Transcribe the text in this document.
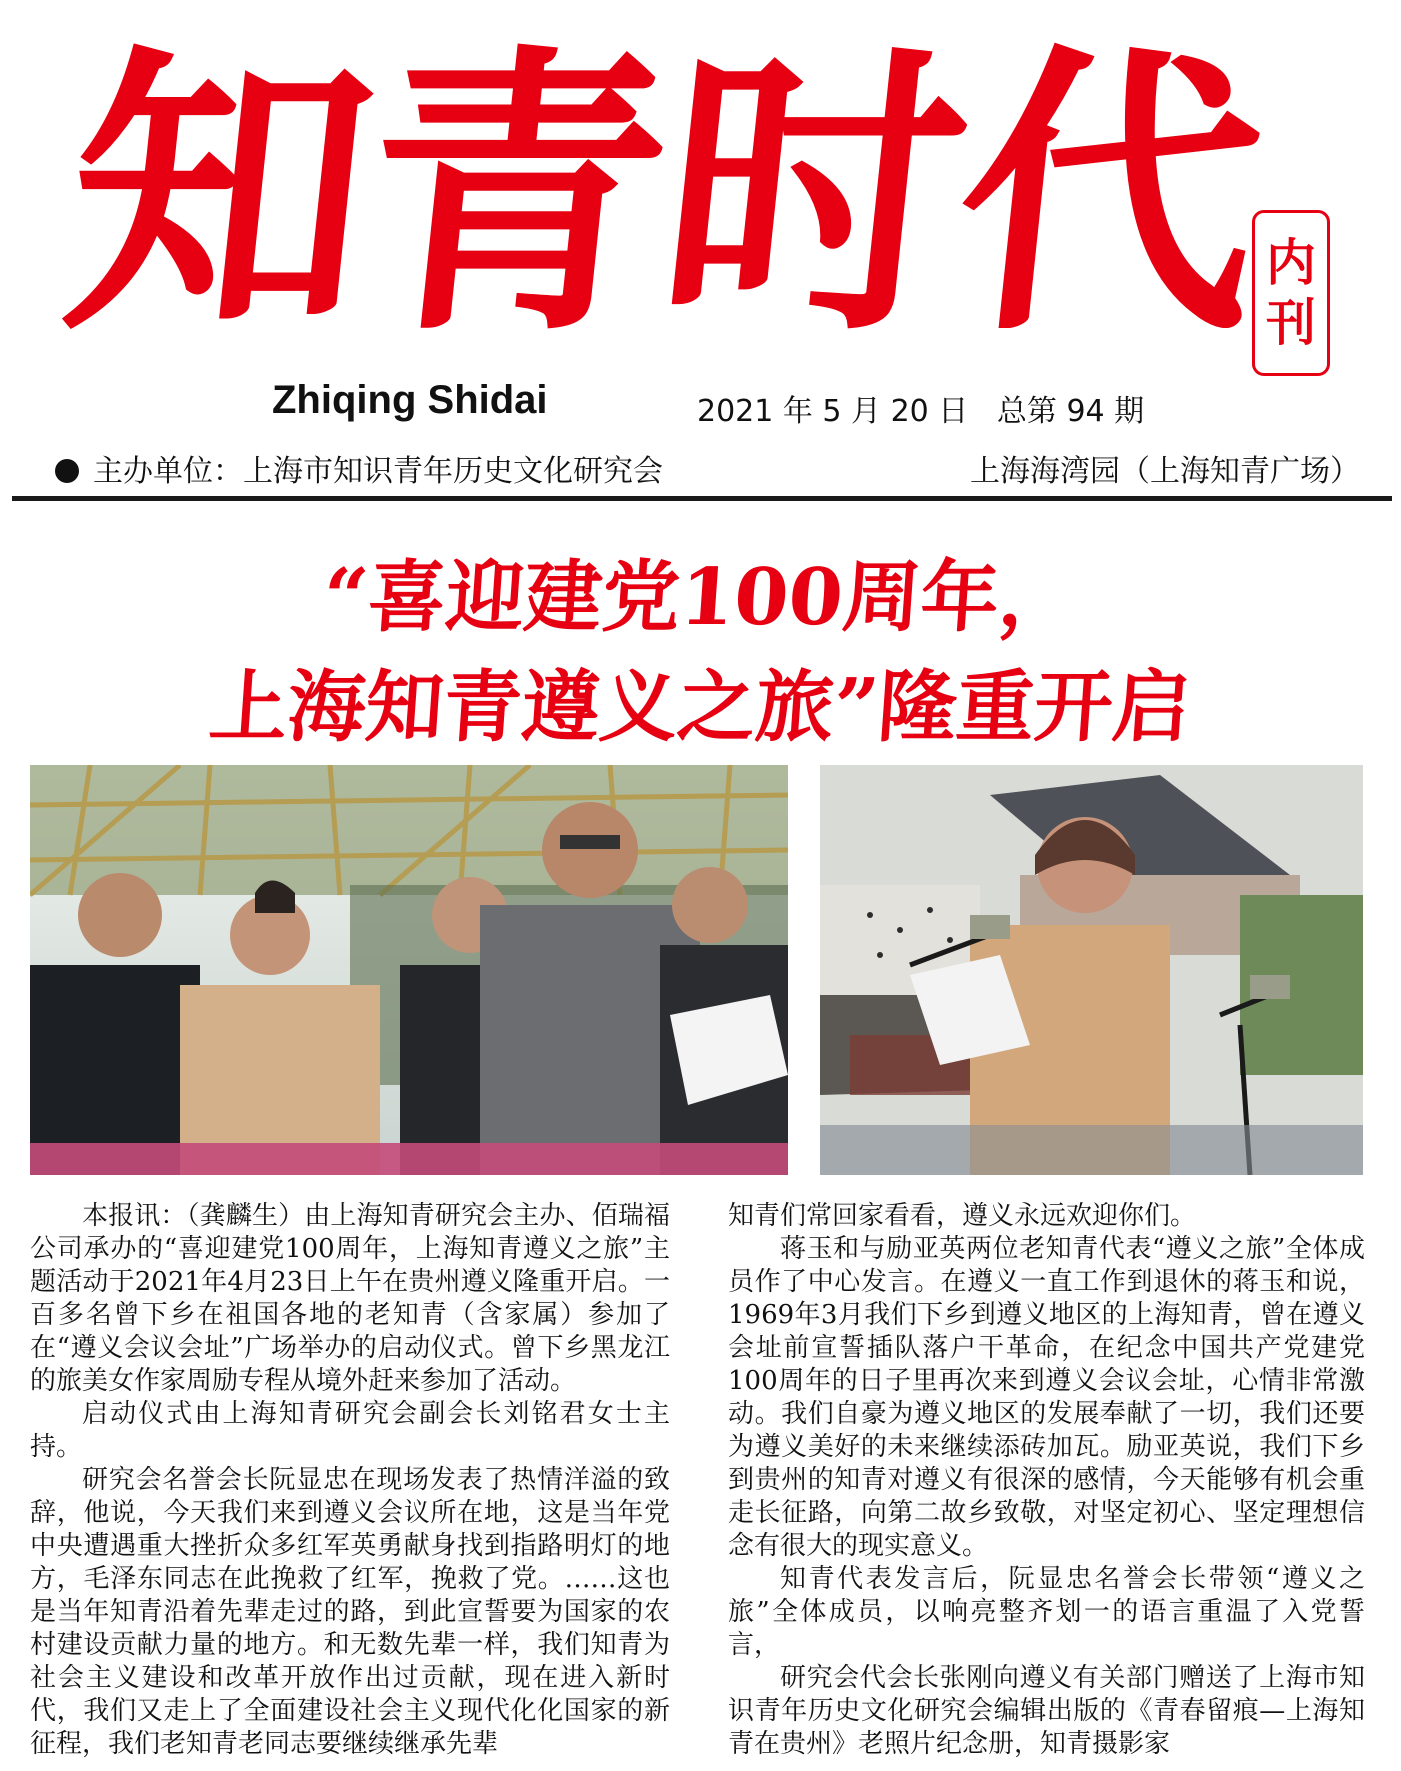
知
青
时
代
内
刊
Zhiqing Shidai	2021 年 5 月 20 日 总第 94 期
主办单位：上海市知识青年历史文化研究会	上海海湾园（上海知青广场）
“喜迎建党100周年，
上海知青遵义之旅”隆重开启

本报讯：（龚麟生）由上海知青研究会主办、佰瑞福公司承办的“喜迎建党100周年，上海知青遵义之旅”主题活动于2021年4月23日上午在贵州遵义隆重开启。一百多名曾下乡在祖国各地的老知青（含家属）参加了在“遵义会议会址”广场举办的启动仪式。曾下乡黑龙江的旅美女作家周励专程从境外赶来参加了活动。

启动仪式由上海知青研究会副会长刘铭君女士主持。

研究会名誉会长阮显忠在现场发表了热情洋溢的致辞，他说，今天我们来到遵义会议所在地，这是当年党中央遭遇重大挫折众多红军英勇献身找到指路明灯的地方，毛泽东同志在此挽救了红军，挽救了党。……这也是当年知青沿着先辈走过的路，到此宣誓要为国家的农村建设贡献力量的地方。和无数先辈一样，我们知青为社会主义建设和改革开放作出过贡献，现在进入新时代，我们又走上了全面建设社会主义现代化化国家的新征程，我们老知青老同志要继续继承先辈

知青们常回家看看，遵义永远欢迎你们。

蒋玉和与励亚英两位老知青代表“遵义之旅”全体成员作了中心发言。在遵义一直工作到退休的蒋玉和说，1969年3月我们下乡到遵义地区的上海知青，曾在遵义会址前宣誓插队落户干革命，在纪念中国共产党建党100周年的日子里再次来到遵义会议会址，心情非常激动。我们自豪为遵义地区的发展奉献了一切，我们还要为遵义美好的未来继续添砖加瓦。励亚英说，我们下乡到贵州的知青对遵义有很深的感情，今天能够有机会重走长征路，向第二故乡致敬，对坚定初心、坚定理想信念有很大的现实意义。

知青代表发言后，阮显忠名誉会长带领“遵义之旅”全体成员，以响亮整齐划一的语言重温了入党誓言，

研究会代会长张刚向遵义有关部门赠送了上海市知识青年历史文化研究会编辑出版的《青春留痕—上海知青在贵州》老照片纪念册，知青摄影家
